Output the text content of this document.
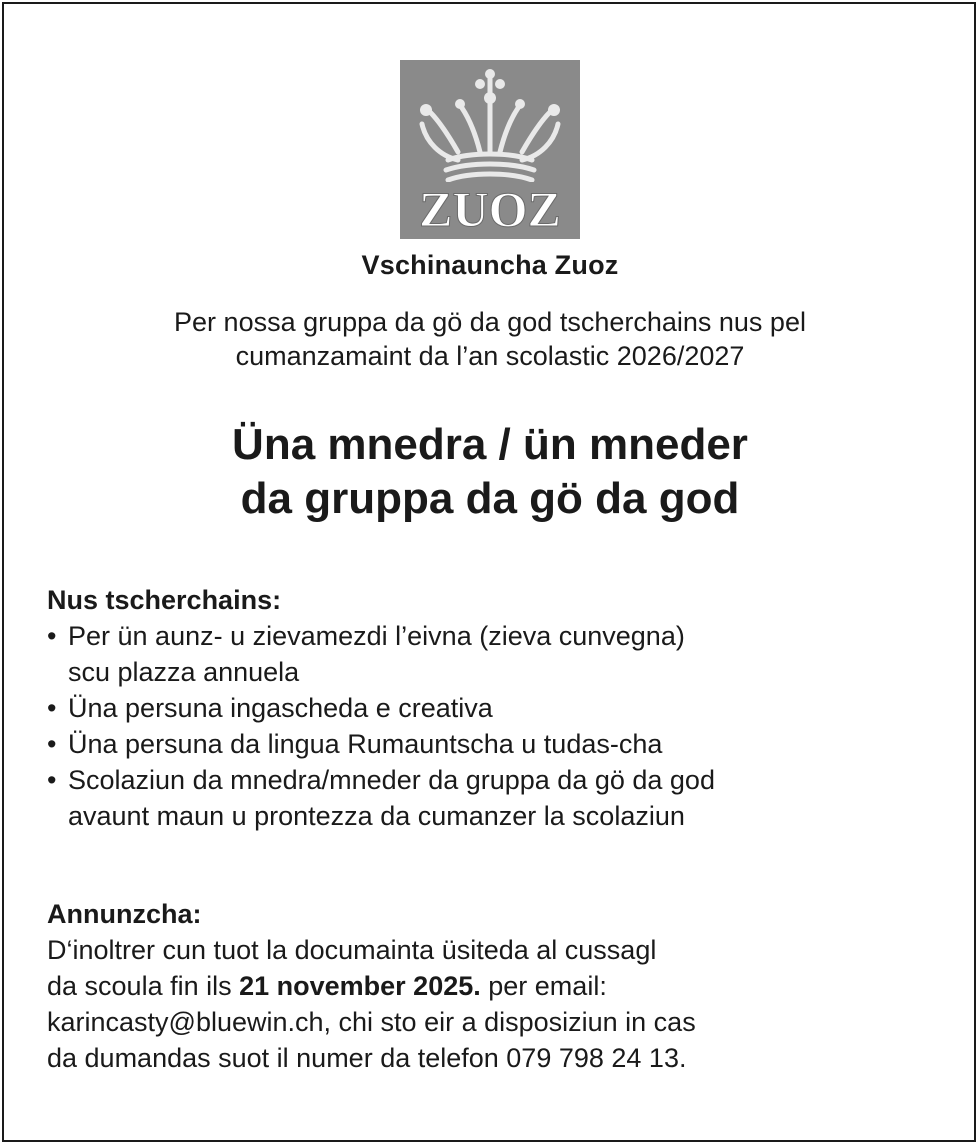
ZUOZ
Vschinauncha Zuoz
Per nossa gruppa da gö da god tscherchains nus pel
cumanzamaint da l’an scolastic 2026/2027
Üna mnedra / ün mneder
da gruppa da gö da god
Nus tscherchains:
• Per ün aunz- u zievamezdi l’eivna (zieva cunvegna)
scu plazza annuela
• Üna persuna ingascheda e creativa
• Üna persuna da lingua Rumauntscha u tudas-cha
• Scolaziun da mnedra/mneder da gruppa da gö da god
avaunt maun u prontezza da cumanzer la scolaziun
Annunzcha:
D‘inoltrer cun tuot la documainta üsiteda al cussagl
da scoula fin ils 21 november 2025. per email:
karincasty@bluewin.ch, chi sto eir a disposiziun in cas
da dumandas suot il numer da telefon 079 798 24 13.
